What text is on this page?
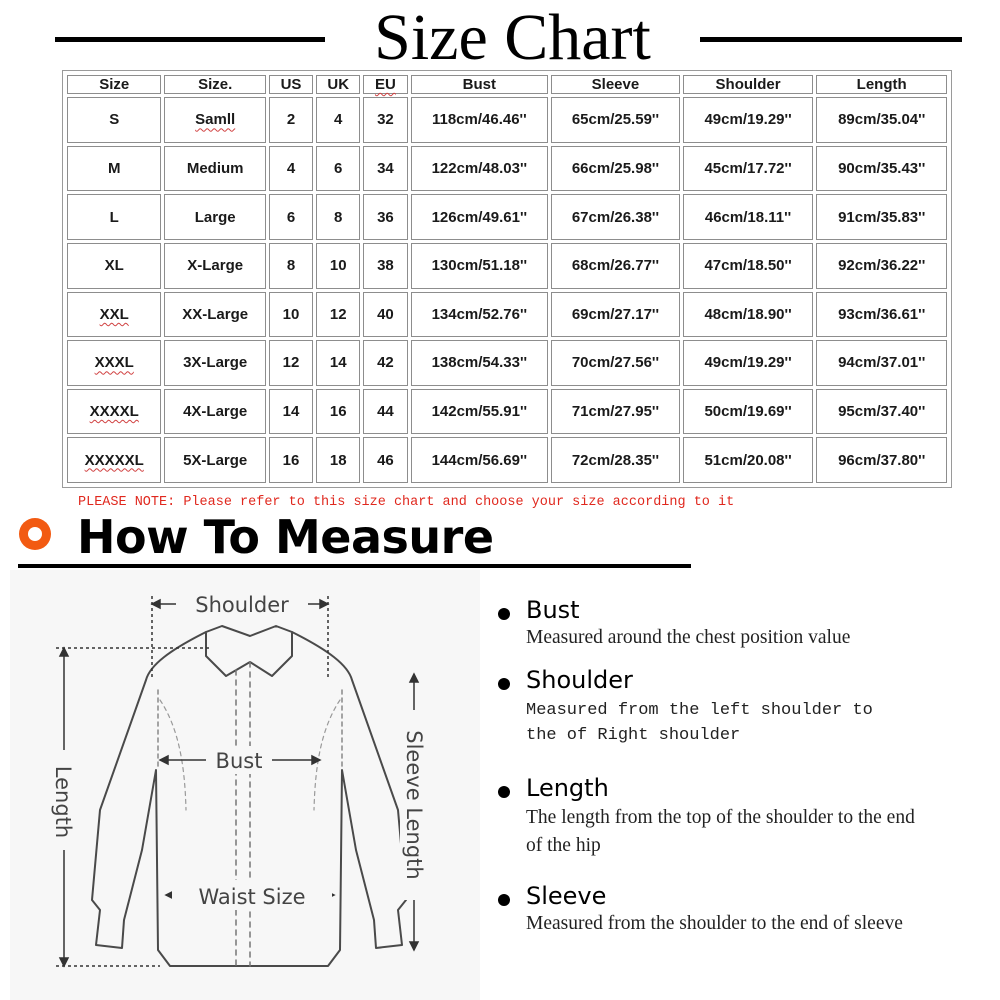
Size Chart
Size	Size.	US	UK	EU	Bust	Sleeve	Shoulder	Length
S	Samll	2	4	32	118cm/46.46''	65cm/25.59''	49cm/19.29''	89cm/35.04''
M	Medium	4	6	34	122cm/48.03''	66cm/25.98''	45cm/17.72''	90cm/35.43''
L	Large	6	8	36	126cm/49.61''	67cm/26.38''	46cm/18.11''	91cm/35.83''
XL	X-Large	8	10	38	130cm/51.18''	68cm/26.77''	47cm/18.50''	92cm/36.22''
XXL	XX-Large	10	12	40	134cm/52.76''	69cm/27.17''	48cm/18.90''	93cm/36.61''
XXXL	3X-Large	12	14	42	138cm/54.33''	70cm/27.56''	49cm/19.29''	94cm/37.01''
XXXXL	4X-Large	14	16	44	142cm/55.91''	71cm/27.95''	50cm/19.69''	95cm/37.40''
XXXXXL	5X-Large	16	18	46	144cm/56.69''	72cm/28.35''	51cm/20.08''	96cm/37.80''
PLEASE NOTE: Please refer to this size chart and choose your size according to it
How To Measure
Shoulder
Bust
Waist Size
Length	Sleeve Length
Bust
Measured around the chest position value
Shoulder
Measured from the left shoulder to the of Right shoulder
Length
The length from the top of the shoulder to the end of the hip
Sleeve
Measured from the shoulder to the end of sleeve
